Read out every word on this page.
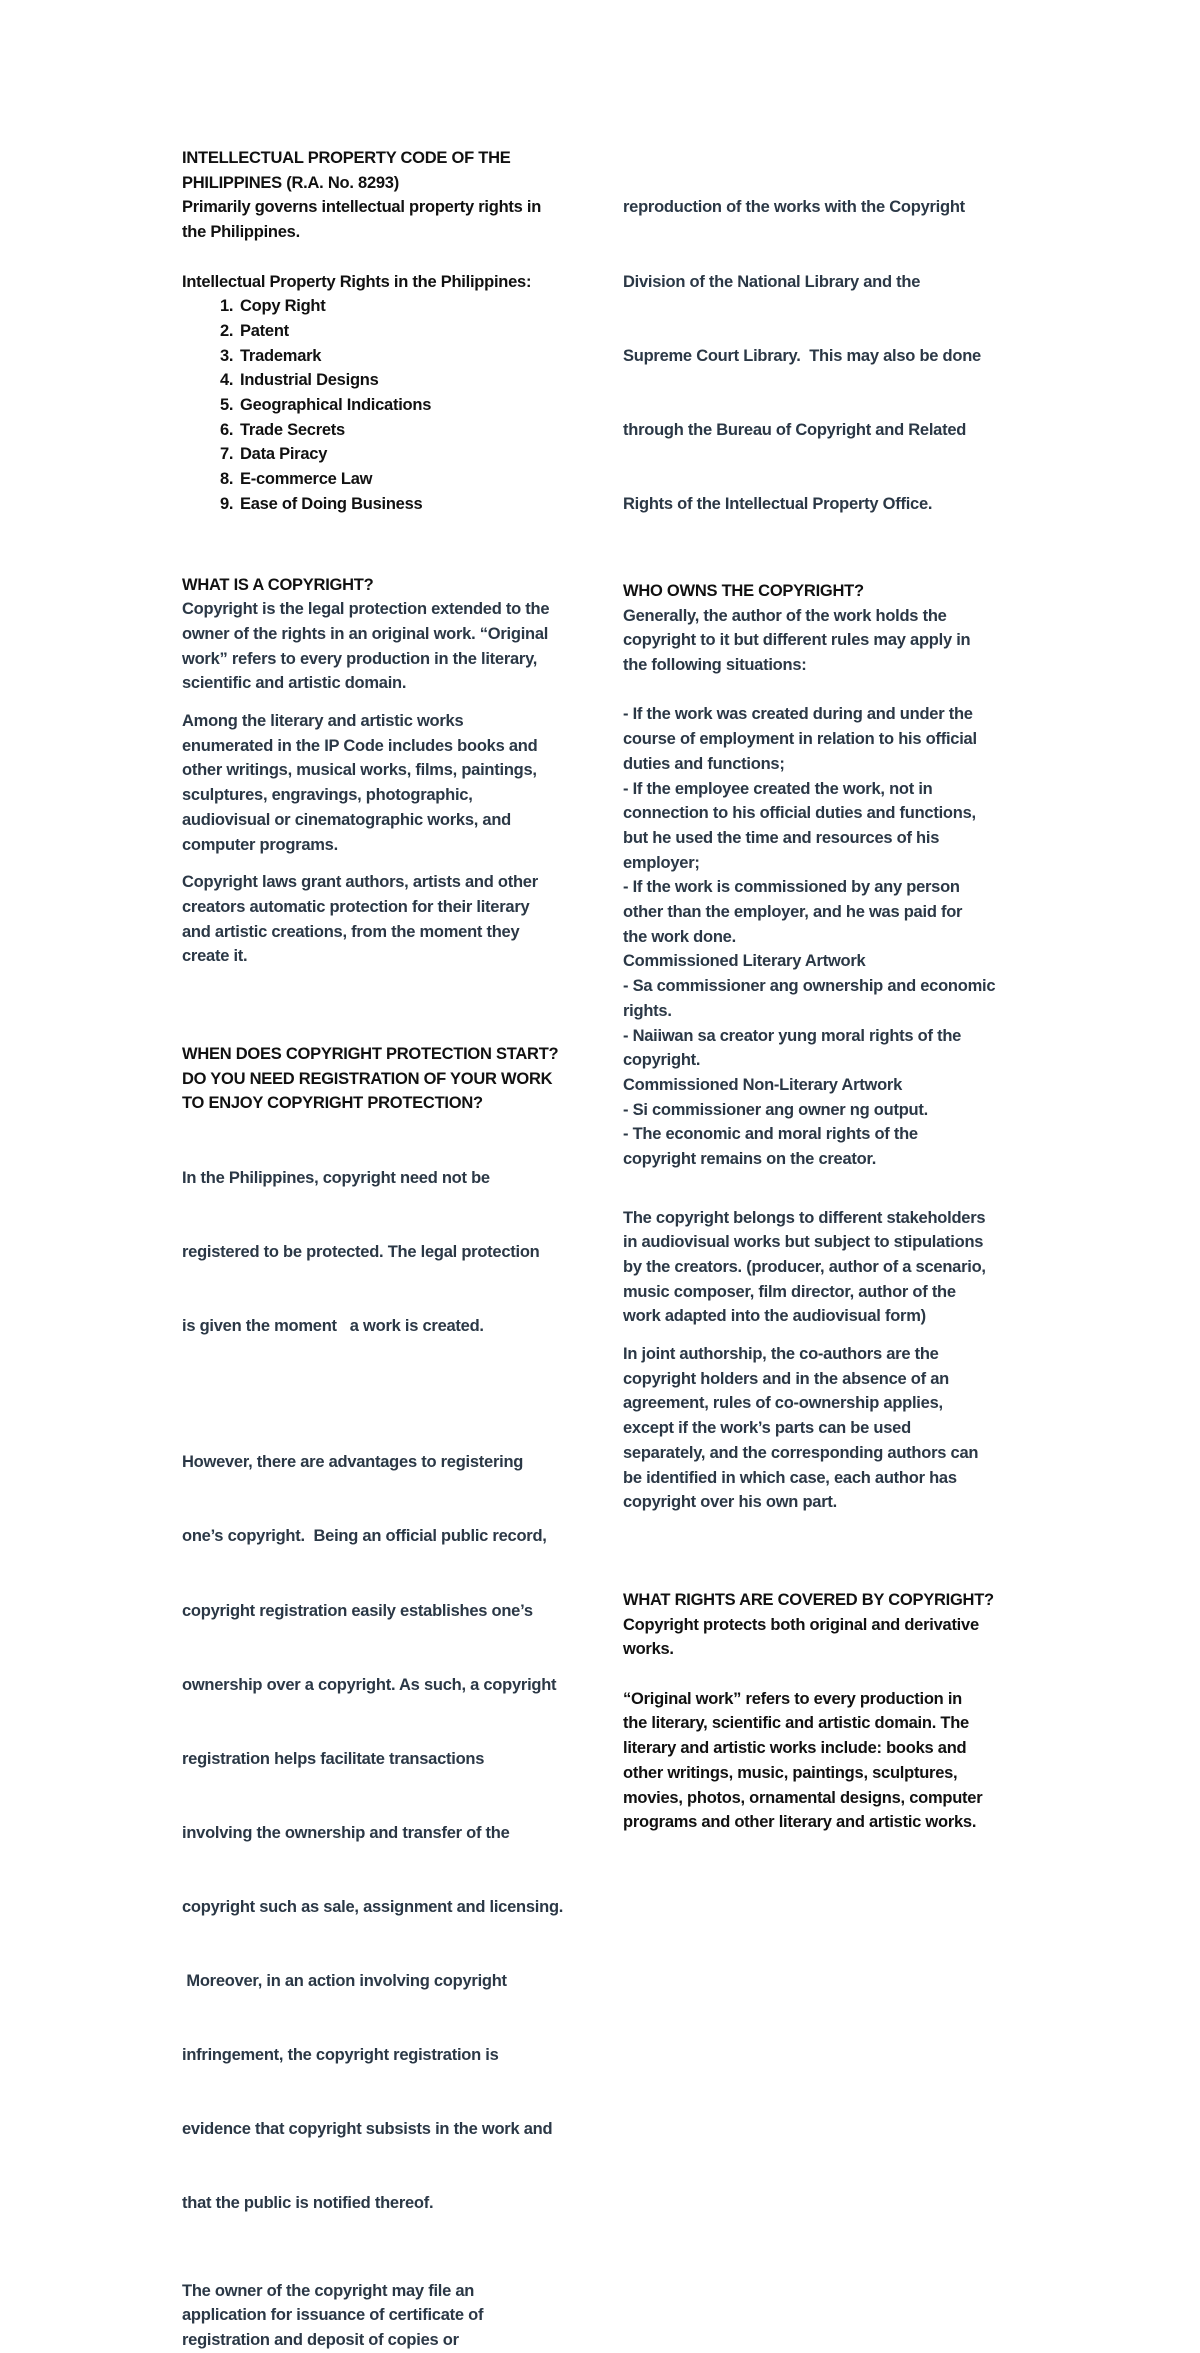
INTELLECTUAL PROPERTY CODE OF THE
PHILIPPINES (R.A. No. 8293)
Primarily governs intellectual property rights in
the Philippines.
Intellectual Property Rights in the Philippines:
1. Copy Right
2. Patent
3. Trademark
4. Industrial Designs
5. Geographical Indications
6. Trade Secrets
7. Data Piracy
8. E-commerce Law
9. Ease of Doing Business
WHAT IS A COPYRIGHT?

Copyright is the legal protection extended to the
owner of the rights in an original work. “Original
work” refers to every production in the literary,
scientific and artistic domain.

Among the literary and artistic works
enumerated in the IP Code includes books and
other writings, musical works, films, paintings,
sculptures, engravings, photographic,
audiovisual or cinematographic works, and
computer programs.

Copyright laws grant authors, artists and other
creators automatic protection for their literary
and artistic creations, from the moment they
create it.

WHEN DOES COPYRIGHT PROTECTION START?
DO YOU NEED REGISTRATION OF YOUR WORK
TO ENJOY COPYRIGHT PROTECTION?

In the Philippines, copyright need not be

registered to be protected. The legal protection

is given the moment   a work is created.

However, there are advantages to registering

one’s copyright.  Being an official public record,

copyright registration easily establishes one’s

ownership over a copyright. As such, a copyright

registration helps facilitate transactions

involving the ownership and transfer of the

copyright such as sale, assignment and licensing.

Moreover, in an action involving copyright

infringement, the copyright registration is

evidence that copyright subsists in the work and

that the public is notified thereof.

The owner of the copyright may file an
application for issuance of certificate of
registration and deposit of copies or

reproduction of the works with the Copyright

Division of the National Library and the

Supreme Court Library.  This may also be done

through the Bureau of Copyright and Related

Rights of the Intellectual Property Office.

WHO OWNS THE COPYRIGHT?

Generally, the author of the work holds the
copyright to it but different rules may apply in
the following situations:

- If the work was created during and under the
course of employment in relation to his official
duties and functions;
- If the employee created the work, not in
connection to his official duties and functions,
but he used the time and resources of his
employer;
- If the work is commissioned by any person
other than the employer, and he was paid for
the work done.

Commissioned Literary Artwork

- Sa commissioner ang ownership and economic
rights.
- Naiiwan sa creator yung moral rights of the
copyright.

Commissioned Non-Literary Artwork

- Si commissioner ang owner ng output.
- The economic and moral rights of the
copyright remains on the creator.

The copyright belongs to different stakeholders
in audiovisual works but subject to stipulations
by the creators. (producer, author of a scenario,
music composer, film director, author of the
work adapted into the audiovisual form)

In joint authorship, the co-authors are the
copyright holders and in the absence of an
agreement, rules of co-ownership applies,
except if the work’s parts can be used
separately, and the corresponding authors can
be identified in which case, each author has
copyright over his own part.

WHAT RIGHTS ARE COVERED BY COPYRIGHT?

Copyright protects both original and derivative
works.

“Original work” refers to every production in
the literary, scientific and artistic domain. The
literary and artistic works include: books and
other writings, music, paintings, sculptures,
movies, photos, ornamental designs, computer
programs and other literary and artistic works.
